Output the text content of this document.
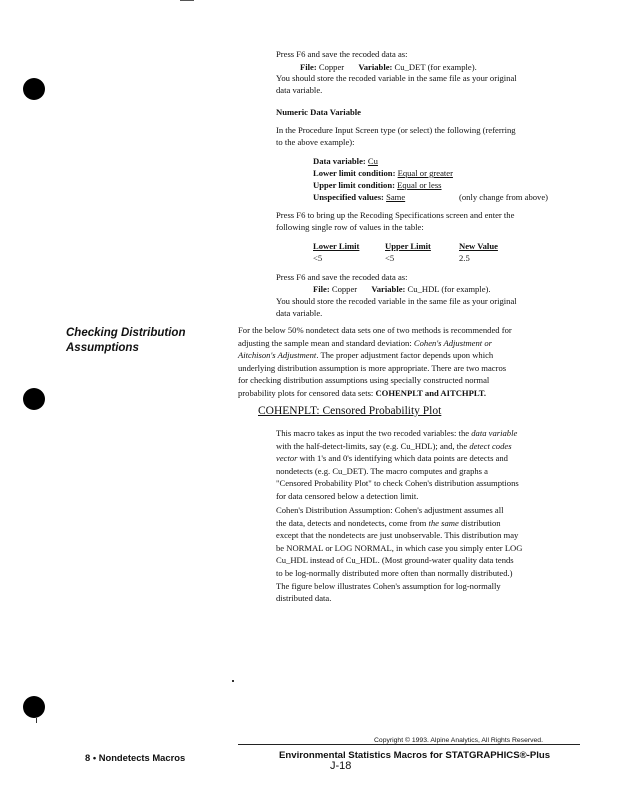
Press F6 and save the recoded data as:
File: Copper Variable: Cu_DET (for example).
You should store the recoded variable in the same file as your original
data variable.
Numeric Data Variable
In the Procedure Input Screen type (or select) the following (referring
to the above example):
Data variable: Cu
Lower limit condition: Equal or greater
Upper limit condition: Equal or less
Unspecified values: Same	(only change from above)
Press F6 to bring up the Recoding Specifications screen and enter the
following single row of values in the table:
Lower Limit	Upper Limit	New Value
<5	<5	2.5
Press F6 and save the recoded data as:
File: Copper Variable: Cu_HDL (for example).
You should store the recoded variable in the same file as your original
data variable.
Checking Distribution
Assumptions
For the below 50% nondetect data sets one of two methods is recommended for
adjusting the sample mean and standard deviation: Cohen's Adjustment or
Aitchison's Adjustment. The proper adjustment factor depends upon which
underlying distribution assumption is more appropriate. There are two macros
for checking distribution assumptions using specially constructed normal
probability plots for censored data sets: COHENPLT and AITCHPLT.
COHENPLT: Censored Probability Plot
This macro takes as input the two recoded variables: the data variable
with the half-detect-limits, say (e.g. Cu_HDL); and, the detect codes
vector with 1's and 0's identifying which data points are detects and
nondetects (e.g. Cu_DET). The macro computes and graphs a
"Censored Probability Plot" to check Cohen's distribution assumptions
for data censored below a detection limit.
Cohen's Distribution Assumption: Cohen's adjustment assumes all
the data, detects and nondetects, come from the same distribution
except that the nondetects are just unobservable. This distribution may
be NORMAL or LOG NORMAL, in which case you simply enter LOG
Cu_HDL instead of Cu_HDL. (Most ground-water quality data tends
to be log-normally distributed more often than normally distributed.)
The figure below illustrates Cohen's assumption for log-normally
distributed data.
Copyright © 1993. Alpine Analytics, All Rights Reserved.
8 • Nondetects Macros	Environmental Statistics Macros for STATGRAPHICS®-Plus
J-18
